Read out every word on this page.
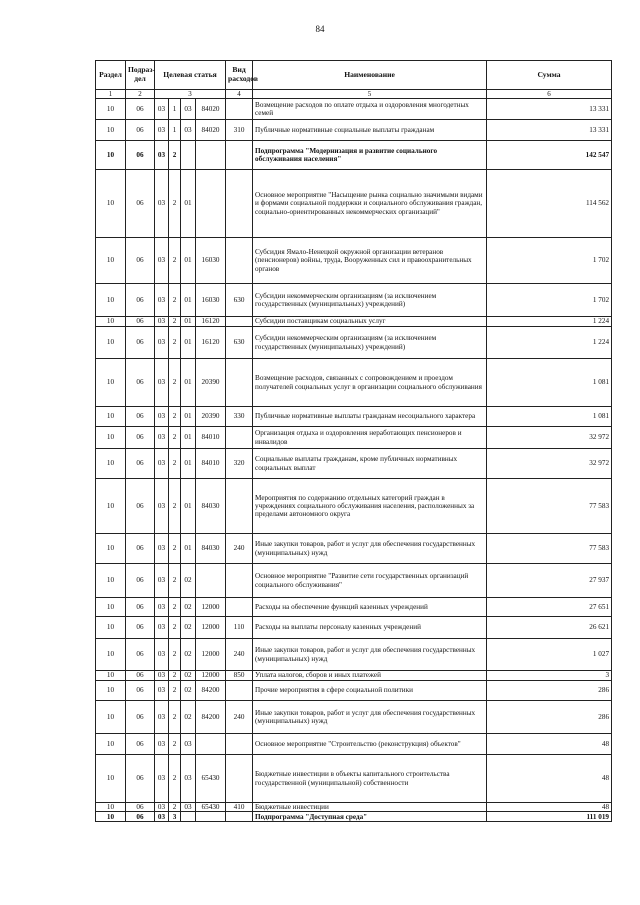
84
Раздел	Подраз-дел	Целевая статья				Вид расходов	Наименование	Сумма
1	2	3				4	5	6
10	06	03	1	03	84020		Возмещение расходов по оплате отдыха и оздоровления многодетных семей	13 331
10	06	03	1	03	84020	310	Публичные нормативные социальные выплаты гражданам	13 331
10	06	03	2				Подпрограмма "Модернизация и развитие социального обслуживания населения"	142 547
10	06	03	2	01			Основное мероприятие "Насыщение рынка социально значимыми видами и формами социальной поддержки и социального обслуживания граждан, социально-ориентированных некоммерческих организаций"	114 562
10	06	03	2	01	16030		Субсидия Ямало-Ненецкой окружной организации ветеранов (пенсионеров) войны, труда, Вооруженных сил и правоохранительных органов	1 702
10	06	03	2	01	16030	630	Субсидии некоммерческим организациям (за исключением государственных (муниципальных) учреждений)	1 702
10	06	03	2	01	16120		Субсидии поставщикам социальных услуг	1 224
10	06	03	2	01	16120	630	Субсидии некоммерческим организациям (за исключением государственных (муниципальных) учреждений)	1 224
10	06	03	2	01	20390		Возмещение расходов, связанных с сопровождением и проездом получателей социальных услуг в организации социального обслуживания	1 081
10	06	03	2	01	20390	330	Публичные нормативные выплаты гражданам несоциального характера	1 081
10	06	03	2	01	84010		Организация отдыха и оздоровления неработающих пенсионеров и инвалидов	32 972
10	06	03	2	01	84010	320	Социальные выплаты гражданам, кроме публичных нормативных социальных выплат	32 972
10	06	03	2	01	84030		Мероприятия по содержанию отдельных категорий граждан в учреждениях социального обслуживания населения, расположенных за пределами автономного округа	77 583
10	06	03	2	01	84030	240	Иные закупки товаров, работ и услуг для обеспечения государственных (муниципальных) нужд	77 583
10	06	03	2	02			Основное мероприятие "Развитие сети государственных организаций социального обслуживания"	27 937
10	06	03	2	02	12000		Расходы на обеспечение функций казенных учреждений	27 651
10	06	03	2	02	12000	110	Расходы на выплаты персоналу казенных учреждений	26 621
10	06	03	2	02	12000	240	Иные закупки товаров, работ и услуг для обеспечения государственных (муниципальных) нужд	1 027
10	06	03	2	02	12000	850	Уплата налогов, сборов и иных платежей	3
10	06	03	2	02	84200		Прочие мероприятия в сфере социальной политики	286
10	06	03	2	02	84200	240	Иные закупки товаров, работ и услуг для обеспечения государственных (муниципальных) нужд	286
10	06	03	2	03			Основное мероприятие "Строительство (реконструкция) объектов"	48
10	06	03	2	03	65430		Бюджетные инвестиции в объекты капитального строительства государственной (муниципальной) собственности	48
10	06	03	2	03	65430	410	Бюджетные инвестиции	48
10	06	03	3				Подпрограмма "Доступная среда"	111 019
